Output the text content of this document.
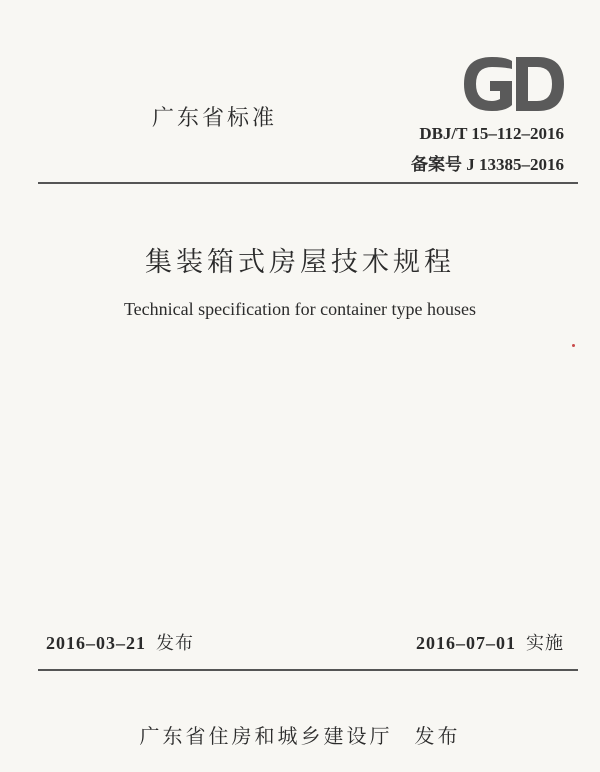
广东省标准
DBJ/T 15–112–2016
备案号 J 13385–2016
集装箱式房屋技术规程
Technical specification for container type houses
2016–03–21 发布	2016–07–01 实施
广东省住房和城乡建设厅 发布
